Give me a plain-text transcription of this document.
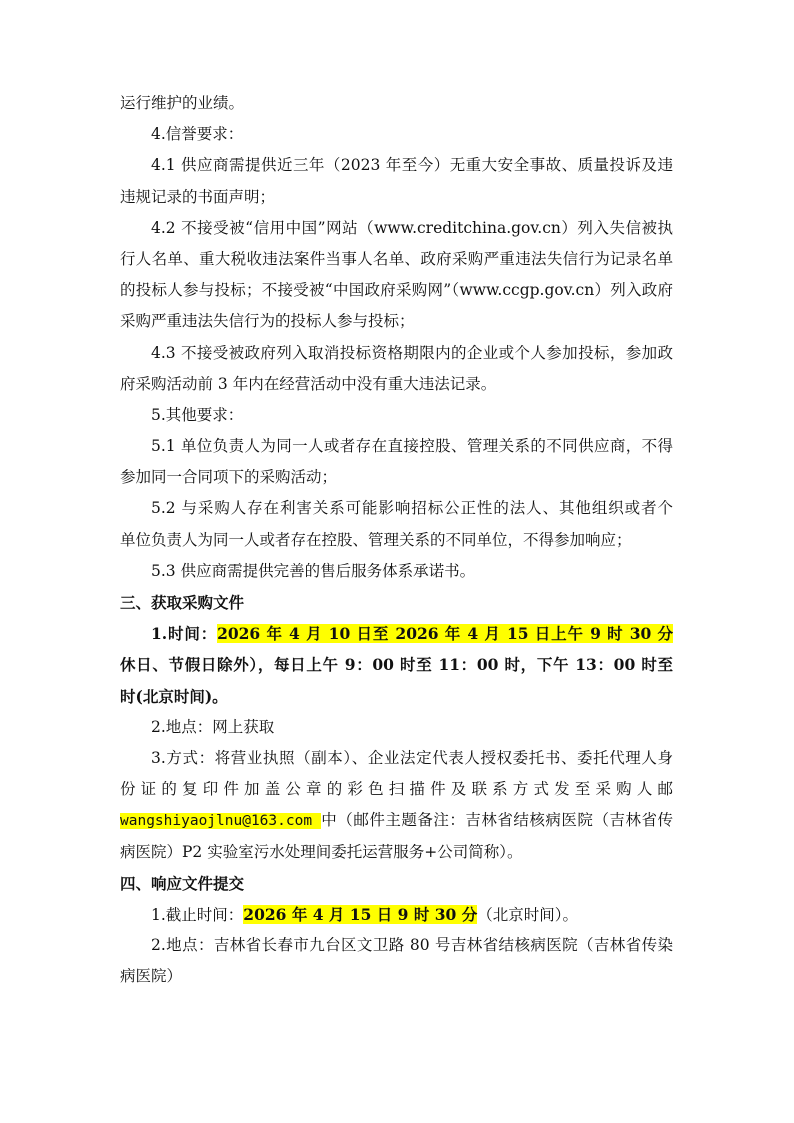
运行维护的业绩。
4.信誉要求：
4.1 供应商需提供近三年（2023 年至今）无重大安全事故、质量投诉及违
违规记录的书面声明；
4.2 不接受被“信用中国”网站（www.creditchina.gov.cn）列入失信被执
行人名单、重大税收违法案件当事人名单、政府采购严重违法失信行为记录名单
的投标人参与投标；不接受被“中国政府采购网”（www.ccgp.gov.cn）列入政府
采购严重违法失信行为的投标人参与投标；
4.3 不接受被政府列入取消投标资格期限内的企业或个人参加投标，参加政
府采购活动前 3 年内在经营活动中没有重大违法记录。
5.其他要求：
5.1 单位负责人为同一人或者存在直接控股、管理关系的不同供应商，不得
参加同一合同项下的采购活动；
5.2 与采购人存在利害关系可能影响招标公正性的法人、其他组织或者个
单位负责人为同一人或者存在控股、管理关系的不同单位，不得参加响应；
5.3 供应商需提供完善的售后服务体系承诺书。
三、获取采购文件
1.时间：2026 年 4 月 10 日至 2026 年 4 月 15 日上午 9 时 30 分
休日、节假日除外），每日上午 9：00 时至 11：00 时，下午 13：00 时至
时(北京时间)。
2.地点：网上获取
3.方式：将营业执照（副本）、企业法定代表人授权委托书、委托代理人身
份 证 的 复 印 件 加 盖 公 章 的 彩 色 扫 描 件 及 联 系 方 式 发 至 采 购 人 邮
wangshiyaojlnu@163.com 中（邮件主题备注：吉林省结核病医院（吉林省传
病医院）P2 实验室污水处理间委托运营服务+公司简称）。
四、响应文件提交
1.截止时间：2026 年 4 月 15 日 9 时 30 分（北京时间）。
2.地点：吉林省长春市九台区文卫路 80 号吉林省结核病医院（吉林省传染
病医院）
